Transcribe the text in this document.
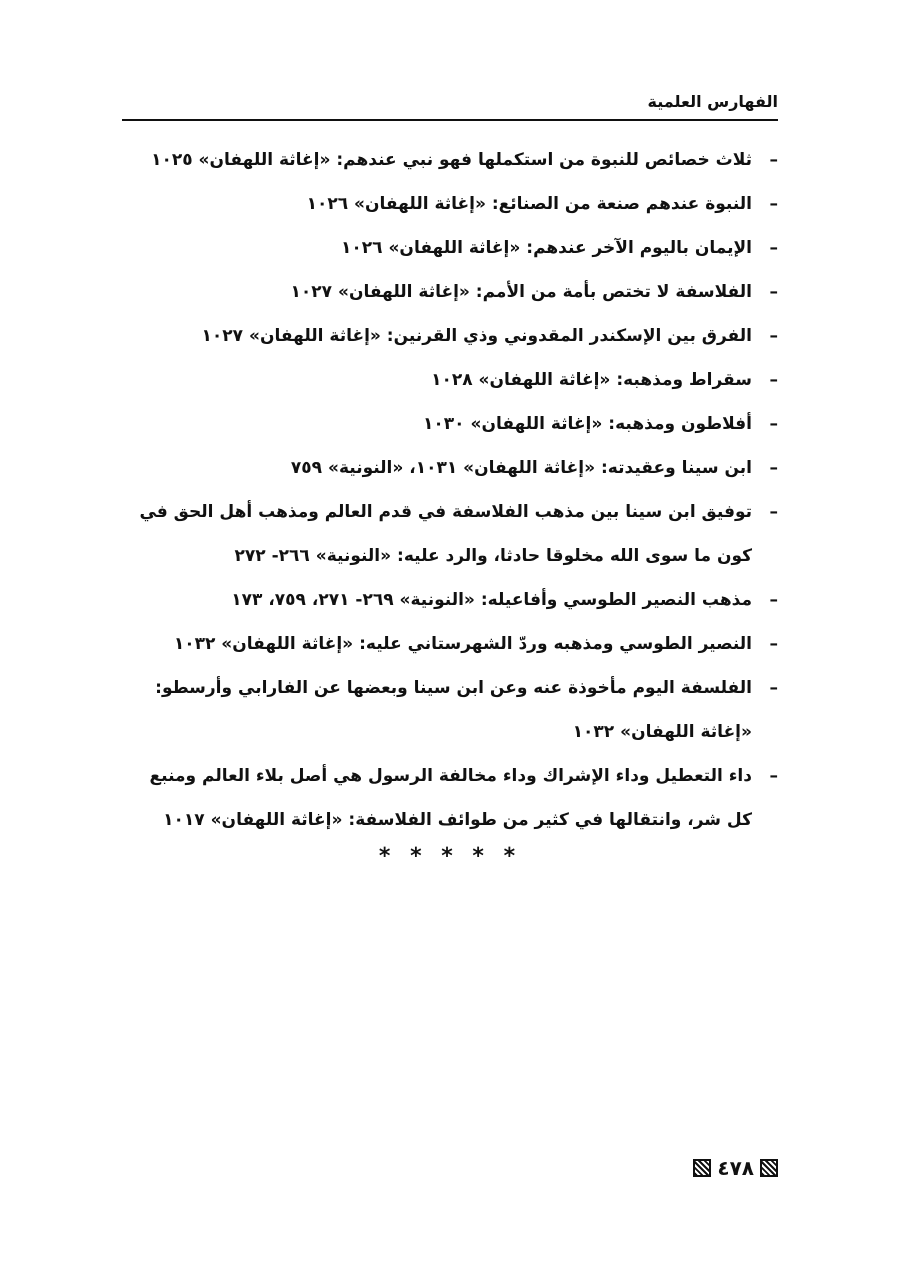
الفهارس العلمية
–
ثلاث خصائص للنبوة من استكملها فهو نبي عندهم: «إغاثة اللهفان» ١٠٢٥
–
النبوة عندهم صنعة من الصنائع: «إغاثة اللهفان» ١٠٢٦
–
الإيمان باليوم الآخر عندهم: «إغاثة اللهفان» ١٠٢٦
–
الفلاسفة لا تختص بأمة من الأمم: «إغاثة اللهفان» ١٠٢٧
–
الفرق بين الإسكندر المقدوني وذي القرنين: «إغاثة اللهفان» ١٠٢٧
–
سقراط ومذهبه: «إغاثة اللهفان» ١٠٢٨
–
أفلاطون ومذهبه: «إغاثة اللهفان» ١٠٣٠
–
ابن سينا وعقيدته: «إغاثة اللهفان» ١٠٣١، «النونية» ٧٥٩
–
توفيق ابن سينا بين مذهب الفلاسفة في قدم العالم ومذهب أهل الحق في كون ما سوى الله مخلوقا حادثا، والرد عليه: «النونية» ٢٦٦- ٢٧٢
–
مذهب النصير الطوسي وأفاعيله: «النونية» ٢٦٩- ٢٧١، ٧٥٩، ١٧٣
–
النصير الطوسي ومذهبه وردّ الشهرستاني عليه: «إغاثة اللهفان» ١٠٣٢
–
الفلسفة اليوم مأخوذة عنه وعن ابن سينا وبعضها عن الفارابي وأرسطو: «إغاثة اللهفان» ١٠٣٢
–
داء التعطيل وداء الإشراك وداء مخالفة الرسول هي أصل بلاء العالم ومنبع كل شر، وانتقالها في كثير من طوائف الفلاسفة: «إغاثة اللهفان» ١٠١٧
* * * * *
٤٧٨
